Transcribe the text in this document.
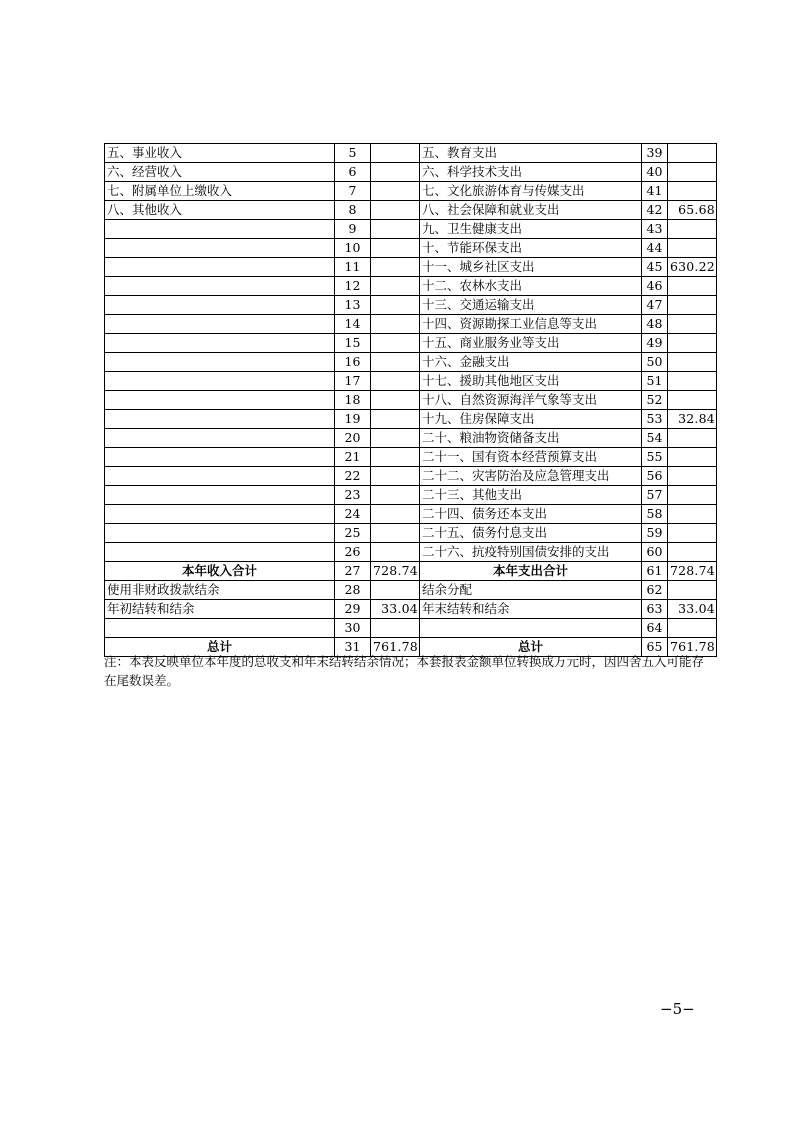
五、事业收入	5		五、教育支出	39	
六、经营收入	6		六、科学技术支出	40	
七、附属单位上缴收入	7		七、文化旅游体育与传媒支出	41	
八、其他收入	8		八、社会保障和就业支出	42	65.68
	9		九、卫生健康支出	43	
	10		十、节能环保支出	44	
	11		十一、城乡社区支出	45	630.22
	12		十二、农林水支出	46	
	13		十三、交通运输支出	47	
	14		十四、资源勘探工业信息等支出	48	
	15		十五、商业服务业等支出	49	
	16		十六、金融支出	50	
	17		十七、援助其他地区支出	51	
	18		十八、自然资源海洋气象等支出	52	
	19		十九、住房保障支出	53	32.84
	20		二十、粮油物资储备支出	54	
	21		二十一、国有资本经营预算支出	55	
	22		二十二、灾害防治及应急管理支出	56	
	23		二十三、其他支出	57	
	24		二十四、债务还本支出	58	
	25		二十五、债务付息支出	59	
	26		二十六、抗疫特别国债安排的支出	60	
本年收入合计	27	728.74	本年支出合计	61	728.74
使用非财政拨款结余	28		结余分配	62	
年初结转和结余	29	33.04	年末结转和结余	63	33.04
	30			64	
总计	31	761.78	总计	65	761.78
注：本表反映单位本年度的总收支和年末结转结余情况；本套报表金额单位转换成万元时，因四舍五入可能存在尾数误差。
−5−
